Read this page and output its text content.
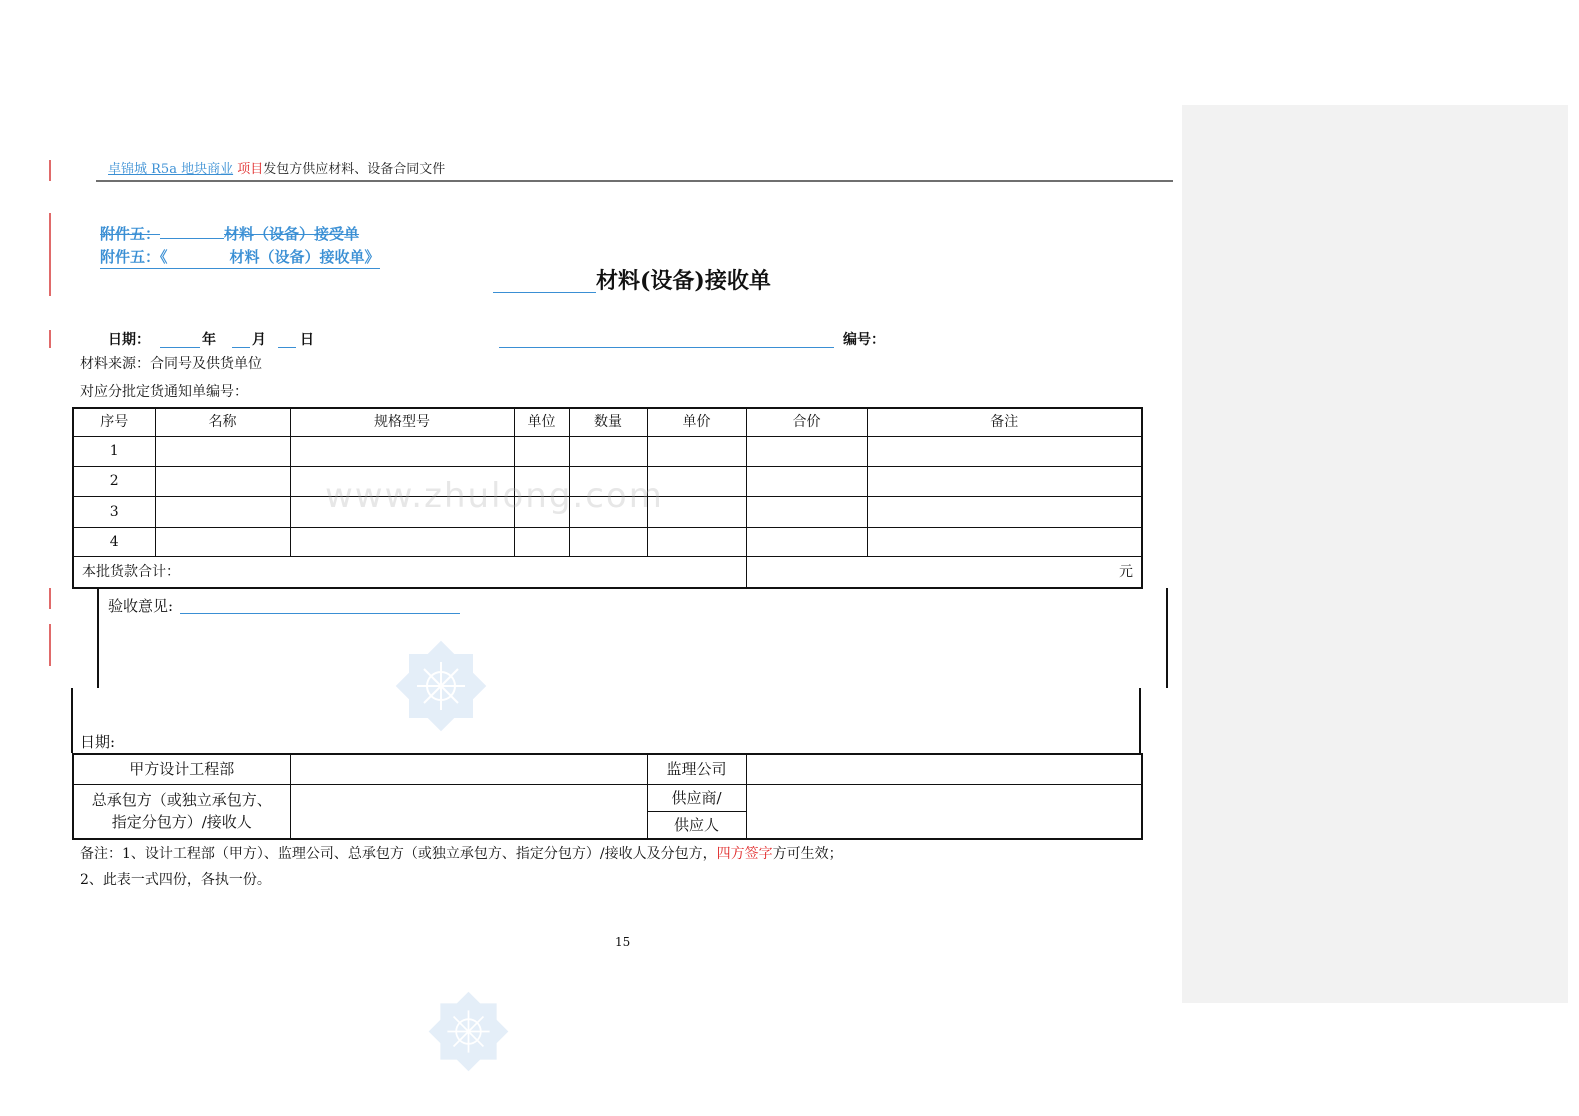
卓锦城 R5a 地块商业 项目发包方供应材料、设备合同文件
附件五：	材料（设备）接受单
附件五：《	材料（设备）接收单》
材料(设备)接收单
日期：	年	月 日	编号：
材料来源：合同号及供货单位
对应分批定货通知单编号：
序号	名称	规格型号	单位	数量	单价	合价	备注
1							
2							
3							
4							
本批货款合计：						元	
www.zhulong.com
验收意见:
日期:
甲方设计工程部		监理公司	

总承包方（或独立承包方、
指定分包方）/接收人		供应商/	
		供应人	
备注：1、设计工程部（甲方）、监理公司、总承包方（或独立承包方、指定分包方）/接收人及分包方，四方签字方可生效；
2、此表一式四份，各执一份。
15
